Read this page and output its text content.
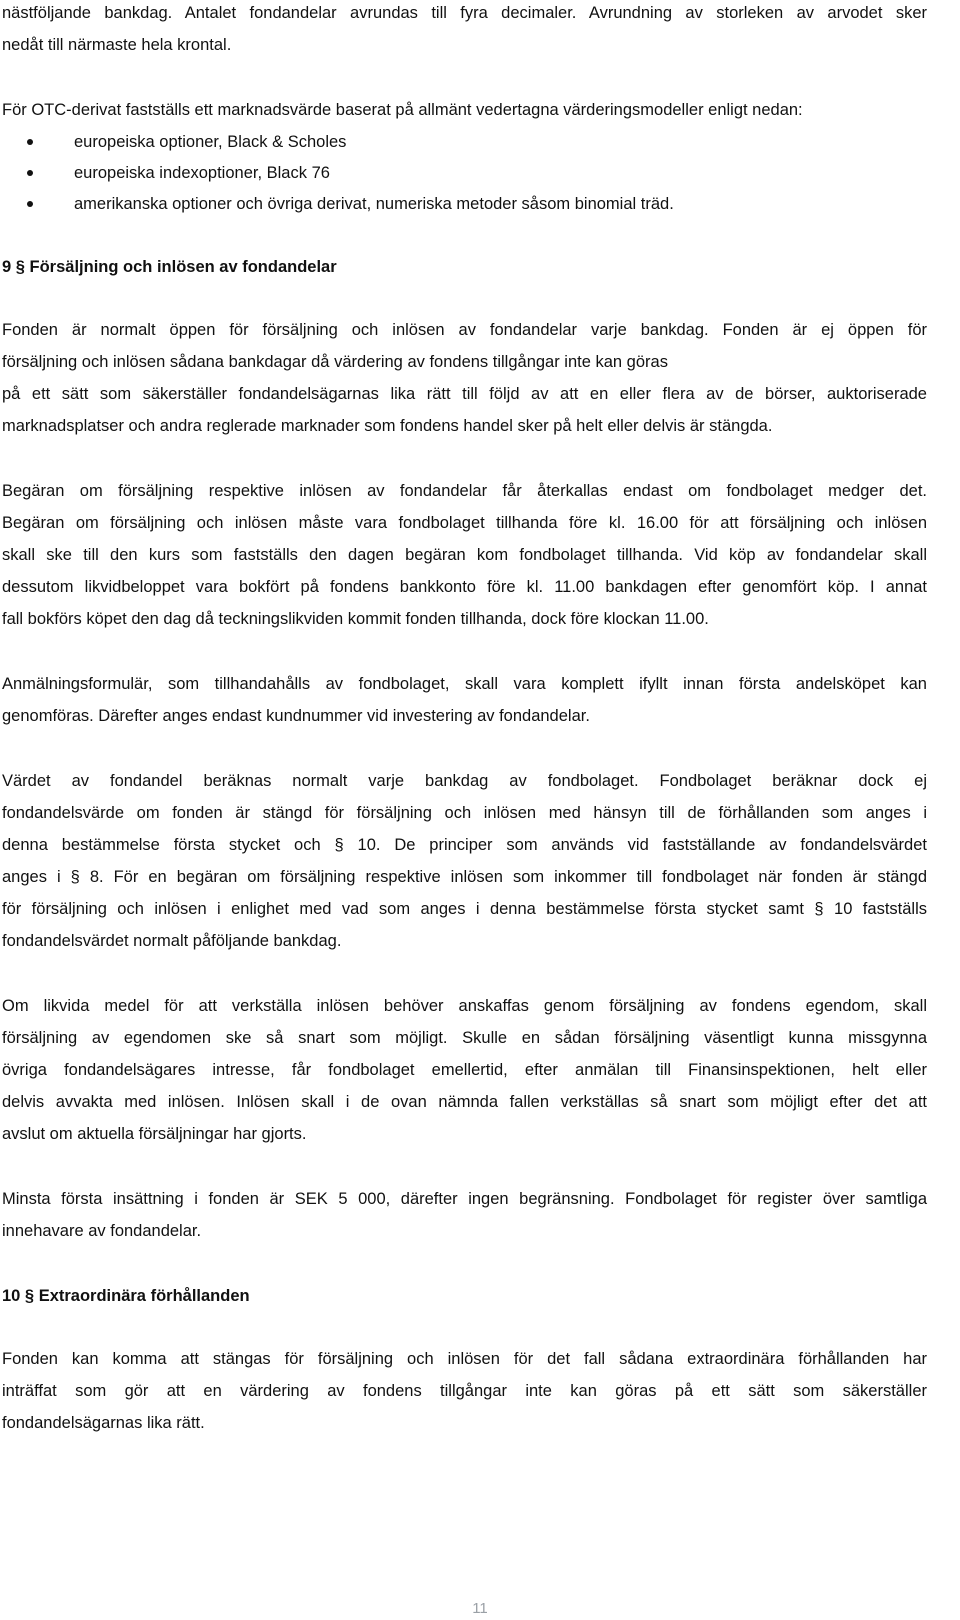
nästföljande bankdag. Antalet fondandelar avrundas till fyra decimaler. Avrundning av storleken av arvodet sker
nedåt till närmaste hela krontal.
För OTC-derivat fastställs ett marknadsvärde baserat på allmänt vedertagna värderingsmodeller enligt nedan:
europeiska optioner, Black & Scholes
europeiska indexoptioner, Black 76
amerikanska optioner och övriga derivat, numeriska metoder såsom binomial träd.
9 § Försäljning och inlösen av fondandelar
Fonden är normalt öppen för försäljning och inlösen av fondandelar varje bankdag. Fonden är ej öppen för
försäljning och inlösen sådana bankdagar då värdering av fondens tillgångar inte kan göras
på ett sätt som säkerställer fondandelsägarnas lika rätt till följd av att en eller flera av de börser, auktoriserade
marknadsplatser och andra reglerade marknader som fondens handel sker på helt eller delvis är stängda.
Begäran om försäljning respektive inlösen av fondandelar får återkallas endast om fondbolaget medger det.
Begäran om försäljning och inlösen måste vara fondbolaget tillhanda före kl. 16.00 för att försäljning och inlösen
skall ske till den kurs som fastställs den dagen begäran kom fondbolaget tillhanda. Vid köp av fondandelar skall
dessutom likvidbeloppet vara bokfört på fondens bankkonto före kl. 11.00 bankdagen efter genomfört köp. I annat
fall bokförs köpet den dag då teckningslikviden kommit fonden tillhanda, dock före klockan 11.00.
Anmälningsformulär, som tillhandahålls av fondbolaget, skall vara komplett ifyllt innan första andelsköpet kan
genomföras. Därefter anges endast kundnummer vid investering av fondandelar.
Värdet av fondandel beräknas normalt varje bankdag av fondbolaget. Fondbolaget beräknar dock ej
fondandelsvärde om fonden är stängd för försäljning och inlösen med hänsyn till de förhållanden som anges i
denna bestämmelse första stycket och § 10. De principer som används vid fastställande av fondandelsvärdet
anges i § 8. För en begäran om försäljning respektive inlösen som inkommer till fondbolaget när fonden är stängd
för försäljning och inlösen i enlighet med vad som anges i denna bestämmelse första stycket samt § 10 fastställs
fondandelsvärdet normalt påföljande bankdag.
Om likvida medel för att verkställa inlösen behöver anskaffas genom försäljning av fondens egendom, skall
försäljning av egendomen ske så snart som möjligt. Skulle en sådan försäljning väsentligt kunna missgynna
övriga fondandelsägares intresse, får fondbolaget emellertid, efter anmälan till Finansinspektionen, helt eller
delvis avvakta med inlösen. Inlösen skall i de ovan nämnda fallen verkställas så snart som möjligt efter det att
avslut om aktuella försäljningar har gjorts.
Minsta första insättning i fonden är SEK 5 000, därefter ingen begränsning. Fondbolaget för register över samtliga
innehavare av fondandelar.
10 § Extraordinära förhållanden
Fonden kan komma att stängas för försäljning och inlösen för det fall sådana extraordinära förhållanden har
inträffat som gör att en värdering av fondens tillgångar inte kan göras på ett sätt som säkerställer
fondandelsägarnas lika rätt.
11
